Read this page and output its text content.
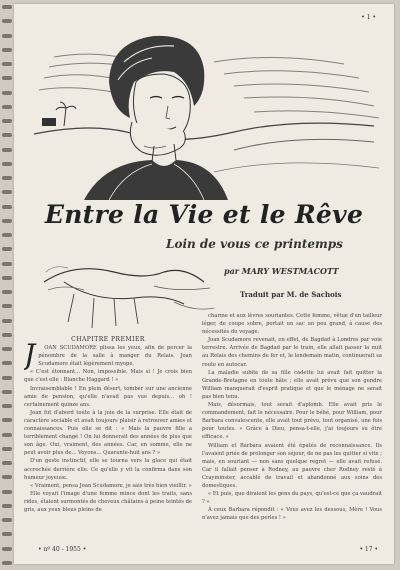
• 1 •
Entre la Vie et le Rêve
Loin de vous ce printemps
par MARY WESTMACOTT
Traduit par M. de Sachois

CHAPITRE PREMIER

J	OAN SCUDAMORE plissa les yeux, afin de percer la pénombre de la salle à manger du Relais. Joan Scudamore était légèrement myope.

« C'est étonnant... Non, impossible. Mais si ! Je crois bien que c'est elle : Blanche Haggard ! »

Invraisemblable ! En plein désert, tomber sur une ancienne amie de pension, qu'elle n'avait pas vue depuis... oh ! certainement quinze ans.

Joan fut d'abord toute à la joie de la surprise. Elle était de caractère sociable et avait toujours plaisir à retrouver amies et connaissances. Puis elle se dit : « Mais la pauvre fille a terriblement changé ! On lui donnerait des années de plus que son âge. Oui, vraiment, des années. Car, en somme, elle ne peut avoir plus de... Voyons... Quarante-huit ans ? »

D'un geste instinctif, elle se tourna vers la glace qui était accrochée derrière elle. Ce qu'elle y vit la confirma dans son humeur joyeuse.

« Vraiment, pensa Joan Scudamore, je sais très bien vieillir. »

Elle voyait l'image d'une femme mince dont les traits, sans rides, étaient surmontés de cheveux châtains à peine teintés de gris, aux yeux bleus pleins de

charme et aux lèvres souriantes. Cette femme, vêtue d'un tailleur léger, de coupe sobre, portait un sac un peu grand, à cause des nécessités du voyage.

Joan Scudamore revenait, en effet, de Bagdad à Londres par voie terrestre. Arrivée de Bagdad par le train, elle allait passer la nuit au Relais des chemins de fer et, le lendemain matin, continuerait sa route en autocar.

La maladie subite de sa fille cadette lui avait fait quitter la Grande-Bretagne en toute hâte ; elle avait prévu que son gendre William manquerait d'esprit pratique et que le ménage ne serait pas bien tenu.

Mais, désormais, tout serait d'aplomb. Elle avait pris le commandement, fait le nécessaire. Pour le bébé, pour William, pour Barbara convalescente, elle avait tout prévu, tout organisé, une fois pour toutes. « Grâce à Dieu, pensa-t-elle, j'ai toujours su être efficace. »

William et Barbara avaient été épatés de reconnaissance. Ils l'avaient priée de prolonger son séjour, de ne pas les quitter si vite ; mais, en souriant — non sans quelque regret — elle avait refusé. Car il fallait penser à Rodney, au pauvre cher Rodney resté à Crayminster, accablé de travail et abandonné aux soins des domestiques.

« Et puis, que diraient les gens du pays, qu'est-ce que ça vaudrait ? »

À ceux Barbara répondit : « Vous avez les dessous, Mère ! Vous n'avez jamais que des perles ! »

• nº 40 - 1955 •	• 17 •
